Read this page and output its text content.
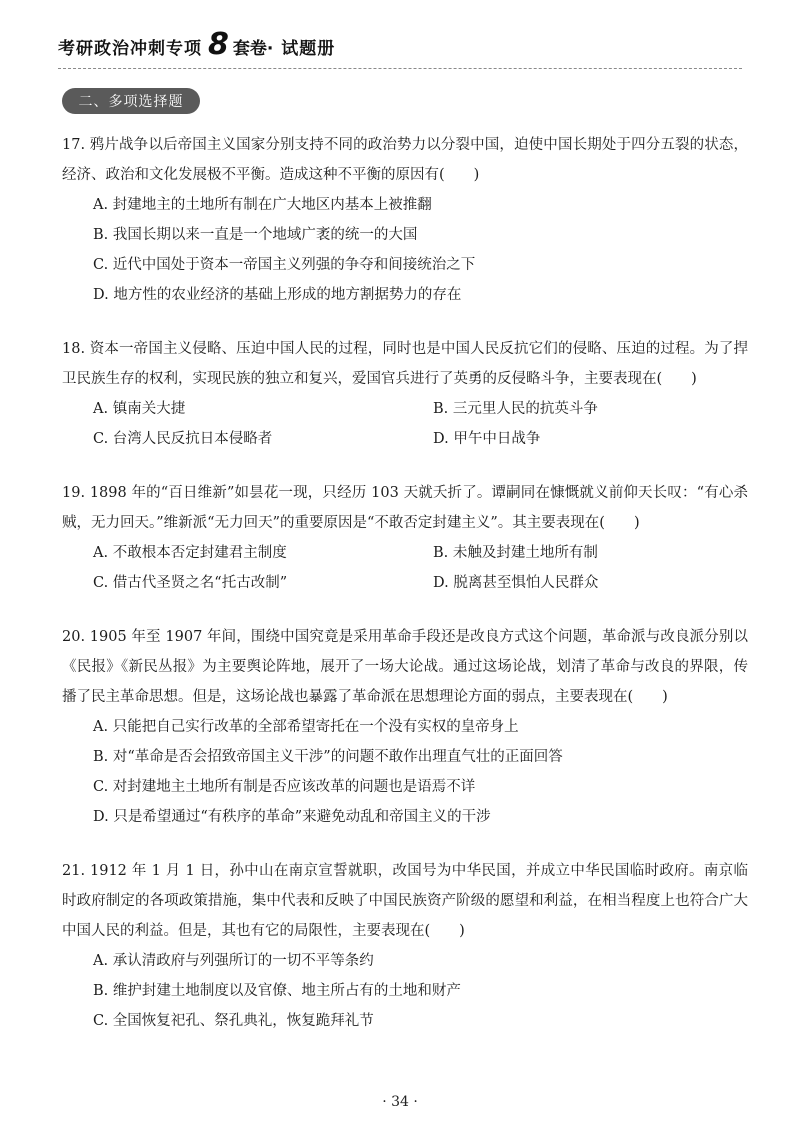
考研政治冲刺专项 8 套卷 · 试题册
二、多项选择题
17. 鸦片战争以后帝国主义国家分别支持不同的政治势力以分裂中国，迫使中国长期处于四分五裂的状态，经济、政治和文化发展极不平衡。造成这种不平衡的原因有(　　)
A. 封建地主的土地所有制在广大地区内基本上被推翻
B. 我国长期以来一直是一个地域广袤的统一的大国
C. 近代中国处于资本一帝国主义列强的争夺和间接统治之下
D. 地方性的农业经济的基础上形成的地方割据势力的存在
18. 资本一帝国主义侵略、压迫中国人民的过程，同时也是中国人民反抗它们的侵略、压迫的过程。为了捍卫民族生存的权利，实现民族的独立和复兴，爱国官兵进行了英勇的反侵略斗争，主要表现在(　　)
A. 镇南关大捷	B. 三元里人民的抗英斗争
C. 台湾人民反抗日本侵略者	D. 甲午中日战争
19. 1898 年的“百日维新”如昙花一现，只经历 103 天就夭折了。谭嗣同在慷慨就义前仰天长叹：“有心杀贼，无力回天。”维新派“无力回天”的重要原因是“不敢否定封建主义”。其主要表现在(　　)
A. 不敢根本否定封建君主制度	B. 未触及封建土地所有制
C. 借古代圣贤之名“托古改制”	D. 脱离甚至惧怕人民群众
20. 1905 年至 1907 年间，围绕中国究竟是采用革命手段还是改良方式这个问题，革命派与改良派分别以《民报》《新民丛报》为主要舆论阵地，展开了一场大论战。通过这场论战，划清了革命与改良的界限，传播了民主革命思想。但是，这场论战也暴露了革命派在思想理论方面的弱点，主要表现在(　　)
A. 只能把自己实行改革的全部希望寄托在一个没有实权的皇帝身上
B. 对“革命是否会招致帝国主义干涉”的问题不敢作出理直气壮的正面回答
C. 对封建地主土地所有制是否应该改革的问题也是语焉不详
D. 只是希望通过“有秩序的革命”来避免动乱和帝国主义的干涉
21. 1912 年 1 月 1 日，孙中山在南京宣誓就职，改国号为中华民国，并成立中华民国临时政府。南京临时政府制定的各项政策措施，集中代表和反映了中国民族资产阶级的愿望和利益，在相当程度上也符合广大中国人民的利益。但是，其也有它的局限性，主要表现在(　　)
A. 承认清政府与列强所订的一切不平等条约
B. 维护封建土地制度以及官僚、地主所占有的土地和财产
C. 全国恢复祀孔、祭孔典礼，恢复跪拜礼节
· 34 ·
